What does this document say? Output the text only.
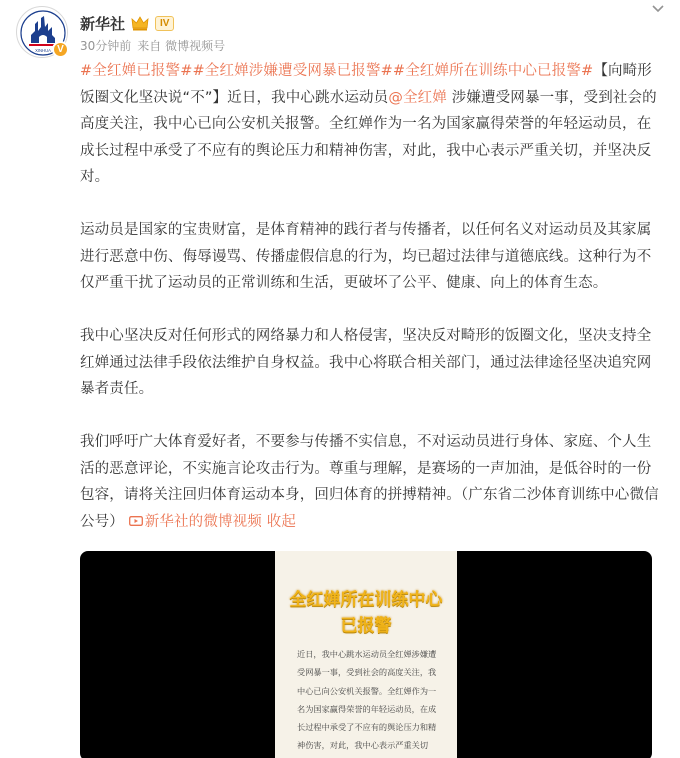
XINHUA V
新华社	IV
30分钟前 来自 微博视频号

#全红婵已报警##全红婵涉嫌遭受网暴已报警##全红婵所在训练中心已报警#【向畸形饭圈文化坚决说“不”】近日，我中心跳水运动员@全红婵 涉嫌遭受网暴一事，受到社会的高度关注，我中心已向公安机关报警。全红婵作为一名为国家赢得荣誉的年轻运动员，在成长过程中承受了不应有的舆论压力和精神伤害，对此，我中心表示严重关切，并坚决反对。

运动员是国家的宝贵财富，是体育精神的践行者与传播者，以任何名义对运动员及其家属进行恶意中伤、侮辱谩骂、传播虚假信息的行为，均已超过法律与道德底线。这种行为不仅严重干扰了运动员的正常训练和生活，更破坏了公平、健康、向上的体育生态。

我中心坚决反对任何形式的网络暴力和人格侵害，坚决反对畸形的饭圈文化，坚决支持全红婵通过法律手段依法维护自身权益。我中心将联合相关部门，通过法律途径坚决追究网暴者责任。

我们呼吁广大体育爱好者，不要参与传播不实信息，不对运动员进行身体、家庭、个人生活的恶意评论，不实施言论攻击行为。尊重与理解，是赛场的一声加油，是低谷时的一份包容，请将关注回归体育运动本身，回归体育的拼搏精神。（广东省二沙体育训练中心微信公号） 新华社的微博视频 收起

全红婵所在训练中心
已报警
近日，我中心跳水运动员全红婵涉嫌遭受网暴一事，受到社会的高度关注，我中心已向公安机关报警。全红婵作为一名为国家赢得荣誉的年轻运动员，在成长过程中承受了不应有的舆论压力和精神伤害，对此，我中心表示严重关切
